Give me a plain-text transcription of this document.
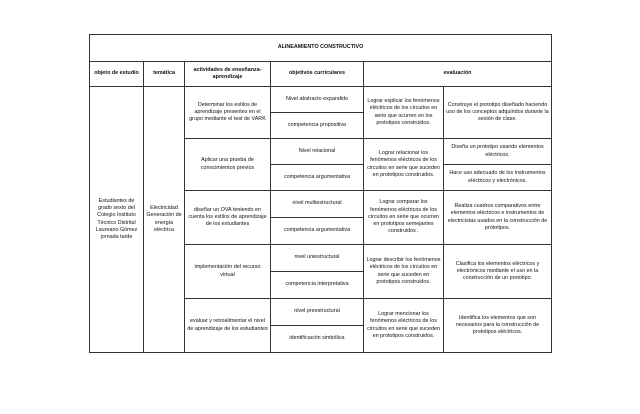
ALINEAMIENTO CONSTRUCTIVO					
objeto de estudio	temática	actividades de enseñanza-aprendizaje	objetivos curriculares	evaluación	
Estudiantes de grado sexto del Colegio Instituto Técnico Distrital Laureano Gómez jornada tarde	Electricidad Generación de energía eléctrica	Determinar los estilos de aprendizaje presentes en el grupo mediante el test de VARK	Nivel abstracto expandido	Lograr explicar los fenómenos eléctricos de los circuitos en serie que ocurren en los prototipos construidos.	Construye el prototipo diseñado haciendo uso de los conceptos adquiridos durante la sesión de clase.
			competencia propositiva		
		Aplicar una prueba de conocimientos previos	Nivel relacional	Lograr relacionar los fenómenos eléctricos de los circuitos en serie que suceden en prototipos construidos.	Diseña un prototipo usando elementos eléctricos.
					Hace uso adecuado de los instrumentos eléctricos y electrónicos.
			competencia argumentativa		
		diseñar un OVA teniendo en cuenta los estilos de aprendizaje de los estudiantes	nivel multiestructural	Lograr comparar los fenómenos eléctricos de los circuitos en serie que ocurren en prototipos semejantes construidos .	Realiza cuadros comparativos entre elementos eléctricos e instrumentos de electricistas usados en la construcción de prototipos.
			competencia argumentativa		
		implementación del recurso virtual	nivel uniestructural	Lograr describir los fenómenos eléctricos de los circuitos en serie que suceden en prototipos construidos.	Clasifica los elementos eléctricos y electrónicos mediante el uso en la construcción de un prototipo.
			competencia interpretativa		
		evaluar y retroalimentar el nivel de aprendizaje de los estudiantes	nivel preestructural	Lograr mencionar los fenómenos eléctricos de los circuitos en serie que suceden en prototipos construidos.	Identifica los elementos que son necesarios para la construcción de prototipos eléctricos.
			identificación simbólica		
